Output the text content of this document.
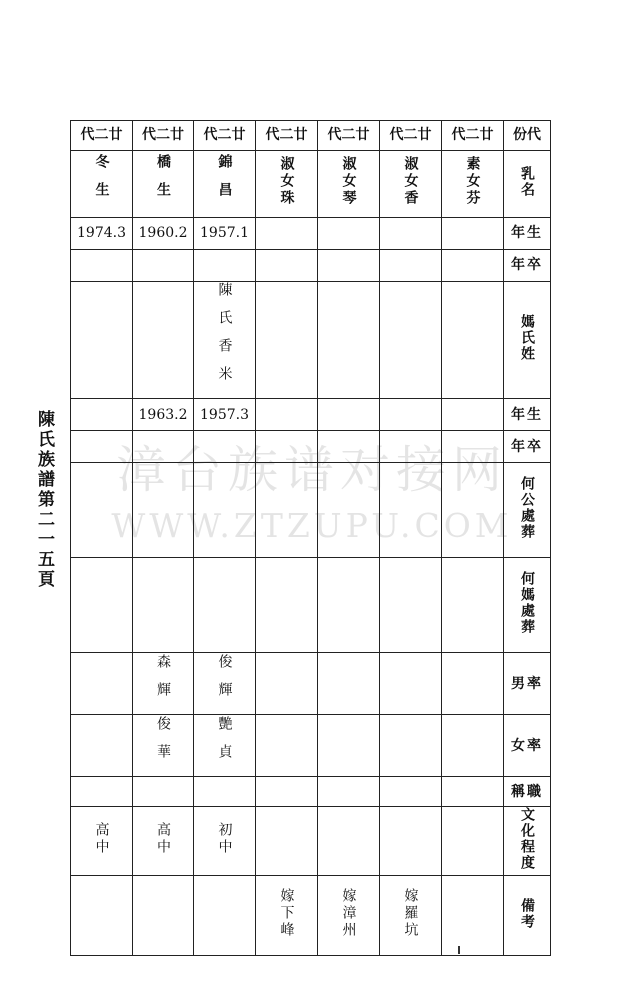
漳台族谱对接网
WWW.ZTZUPU.COM
陳氏族譜第二一五頁
代二廿	代二廿	代二廿	代二廿	代二廿	代二廿	代二廿	份代
冬生	橋生	錦昌	淑女珠	淑女琴	淑女香	素女芬	乳名
1974.3	1960.2	1957.1					年生
							年卒
		陳氏香米					媽氏姓
	1963.2	1957.3					年生
							年卒
							何公處葬
							何媽處葬
	森輝	俊輝					男率
	俊華	艷貞					女率
							稱職
高中	高中	初中					文化程度
			嫁下峰	嫁漳州	嫁羅坑		備考
